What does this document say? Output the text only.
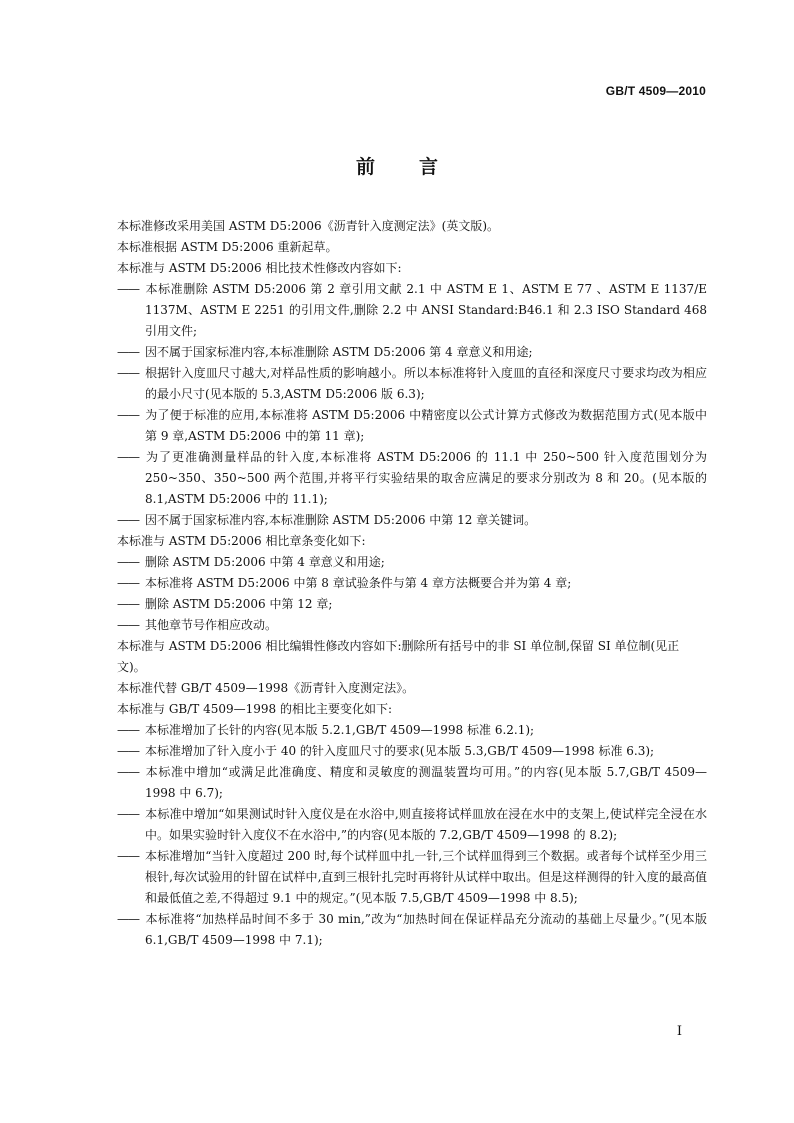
GB/T 4509—2010
前言
本标准修改采用美国 ASTM D5:2006《沥青针入度测定法》(英文版)。
本标准根据 ASTM D5:2006 重新起草。
本标准与 ASTM D5:2006 相比技术性修改内容如下:
—— 本标准删除 ASTM D5:2006 第 2 章引用文献 2.1 中 ASTM E 1、ASTM E 77 、ASTM E 1137/E 1137M、ASTM E 2251 的引用文件,删除 2.2 中 ANSI Standard:B46.1 和 2.3 ISO Standard 468 引用文件;
—— 因不属于国家标准内容,本标准删除 ASTM D5:2006 第 4 章意义和用途;
—— 根据针入度皿尺寸越大,对样品性质的影响越小。所以本标准将针入度皿的直径和深度尺寸要求均改为相应的最小尺寸(见本版的 5.3,ASTM D5:2006 版 6.3);
—— 为了便于标准的应用,本标准将 ASTM D5:2006 中精密度以公式计算方式修改为数据范围方式(见本版中第 9 章,ASTM D5:2006 中的第 11 章);
—— 为了更准确测量样品的针入度,本标准将 ASTM D5:2006 的 11.1 中 250~500 针入度范围划分为 250~350、350~500 两个范围,并将平行实验结果的取舍应满足的要求分别改为 8 和 20。(见本版的 8.1,ASTM D5:2006 中的 11.1);
—— 因不属于国家标准内容,本标准删除 ASTM D5:2006 中第 12 章关键词。
本标准与 ASTM D5:2006 相比章条变化如下:
—— 删除 ASTM D5:2006 中第 4 章意义和用途;
—— 本标准将 ASTM D5:2006 中第 8 章试验条件与第 4 章方法概要合并为第 4 章;
—— 删除 ASTM D5:2006 中第 12 章;
—— 其他章节号作相应改动。
本标准与 ASTM D5:2006 相比编辑性修改内容如下:删除所有括号中的非 SI 单位制,保留 SI 单位制(见正文)。
本标准代替 GB/T 4509—1998《沥青针入度测定法》。
本标准与 GB/T 4509—1998 的相比主要变化如下:
—— 本标准增加了长针的内容(见本版 5.2.1,GB/T 4509—1998 标准 6.2.1);
—— 本标准增加了针入度小于 40 的针入度皿尺寸的要求(见本版 5.3,GB/T 4509—1998 标准 6.3);
—— 本标准中增加“或满足此准确度、精度和灵敏度的测温装置均可用。”的内容(见本版 5.7,GB/T 4509—1998 中 6.7);
—— 本标准中增加“如果测试时针入度仪是在水浴中,则直接将试样皿放在浸在水中的支架上,使试样完全浸在水中。如果实验时针入度仪不在水浴中,”的内容(见本版的 7.2,GB/T 4509—1998 的 8.2);
—— 本标准增加“当针入度超过 200 时,每个试样皿中扎一针,三个试样皿得到三个数据。或者每个试样至少用三根针,每次试验用的针留在试样中,直到三根针扎完时再将针从试样中取出。但是这样测得的针入度的最高值和最低值之差,不得超过 9.1 中的规定。”(见本版 7.5,GB/T 4509—1998 中 8.5);
—— 本标准将“加热样品时间不多于 30 min,”改为“加热时间在保证样品充分流动的基础上尽量少。”(见本版 6.1,GB/T 4509—1998 中 7.1);
I
